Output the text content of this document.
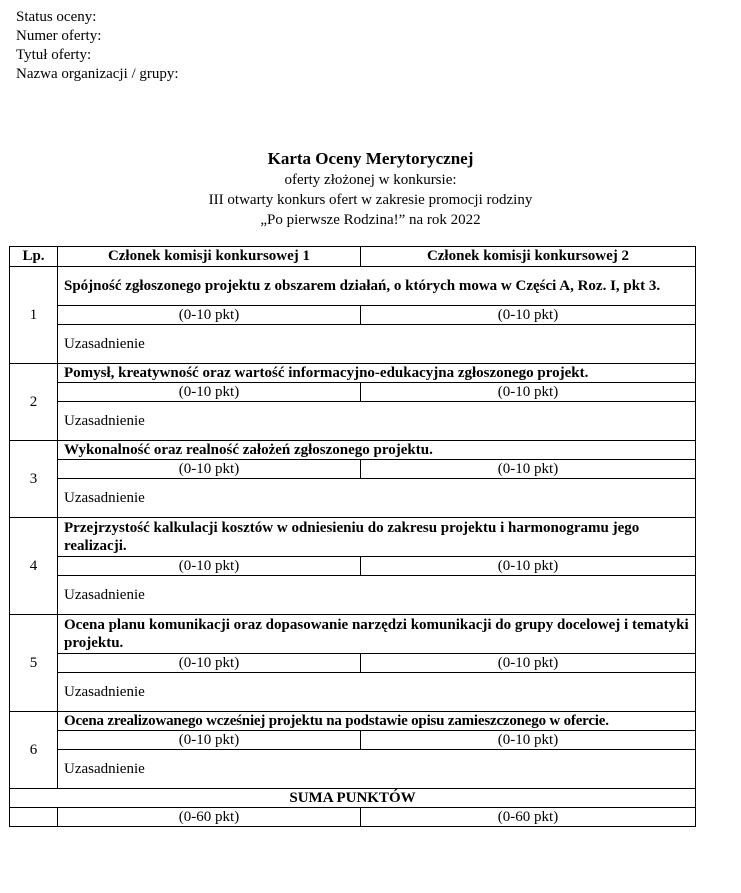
Status oceny:
Numer oferty:
Tytuł oferty:
Nazwa organizacji / grupy:
Karta Oceny Merytorycznej
oferty złożonej w konkursie:
III otwarty konkurs ofert w zakresie promocji rodziny
„Po pierwsze Rodzina!” na rok 2022
Lp.	Członek komisji konkursowej 1	Członek komisji konkursowej 2
1	Spójność zgłoszonego projektu z obszarem działań, o których mowa w Części A, Roz. I, pkt 3.	
	(0-10 pkt)	(0-10 pkt)
	Uzasadnienie	
2	Pomysł, kreatywność oraz wartość informacyjno-edukacyjna zgłoszonego projekt.	
	(0-10 pkt)	(0-10 pkt)
	Uzasadnienie	
3	Wykonalność oraz realność założeń zgłoszonego projektu.	
	(0-10 pkt)	(0-10 pkt)
	Uzasadnienie	
4	Przejrzystość kalkulacji kosztów w odniesieniu do zakresu projektu i harmonogramu jego realizacji.	
	(0-10 pkt)	(0-10 pkt)
	Uzasadnienie	
5	Ocena planu komunikacji oraz dopasowanie narzędzi komunikacji do grupy docelowej i tematyki projektu.	
	(0-10 pkt)	(0-10 pkt)
	Uzasadnienie	
6	Ocena zrealizowanego wcześniej projektu na podstawie opisu zamieszczonego w ofercie.	
	(0-10 pkt)	(0-10 pkt)
	Uzasadnienie	
SUMA PUNKTÓW		
	(0-60 pkt)	(0-60 pkt)
